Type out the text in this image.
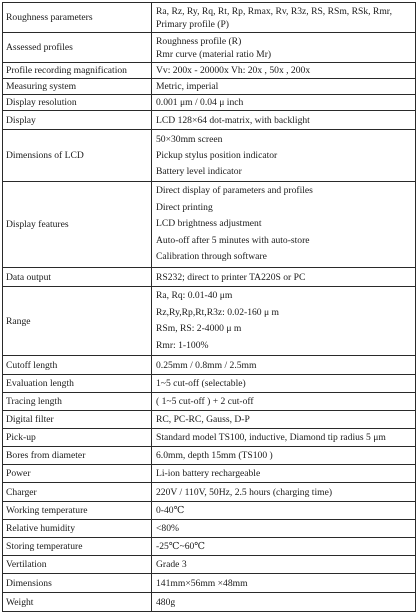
Roughness parameters	Ra, Rz, Ry, Rq, Rt, Rp, Rmax, Rv, R3z, RS, RSm, RSk, Rmr,
Primary profile (P)

Assessed profiles	Roughness profile (R)
Rmr curve (material ratio Mr)

Profile recording magnification	Vv: 200x - 20000x Vh: 20x , 50x , 200x
Measuring system	Metric, imperial
Display resolution	0.001 μm / 0.04 μ inch
Display	LCD 128×64 dot-matrix, with backlight
Dimensions of LCD	50×30mm screen
Pickup stylus position indicator
Battery level indicator

Display features	Direct display of parameters and profiles
Direct printing
LCD brightness adjustment
Auto-off after 5 minutes with auto-store
Calibration through software

Data output	RS232; direct to printer TA220S or PC
Range	Ra, Rq: 0.01-40 μm
Rz,Ry,Rp,Rt,R3z: 0.02-160 μ m
RSm, RS: 2-4000 μ m
Rmr: 1-100%

Cutoff length	0.25mm / 0.8mm / 2.5mm
Evaluation length	1~5 cut-off (selectable)
Tracing length	( 1~5 cut-off ) + 2 cut-off
Digital filter	RC, PC-RC, Gauss, D-P
Pick-up	Standard model TS100, inductive, Diamond tip radius 5 μm
Bores from diameter	6.0mm, depth 15mm (TS100 )
Power	Li-ion battery rechargeable
Charger	220V / 110V, 50Hz, 2.5 hours (charging time)
Working temperature	0-40℃
Relative humidity	<80%
Storing temperature	-25℃~60℃
Vertilation	Grade 3
Dimensions	141mm×56mm ×48mm
Weight	480g
